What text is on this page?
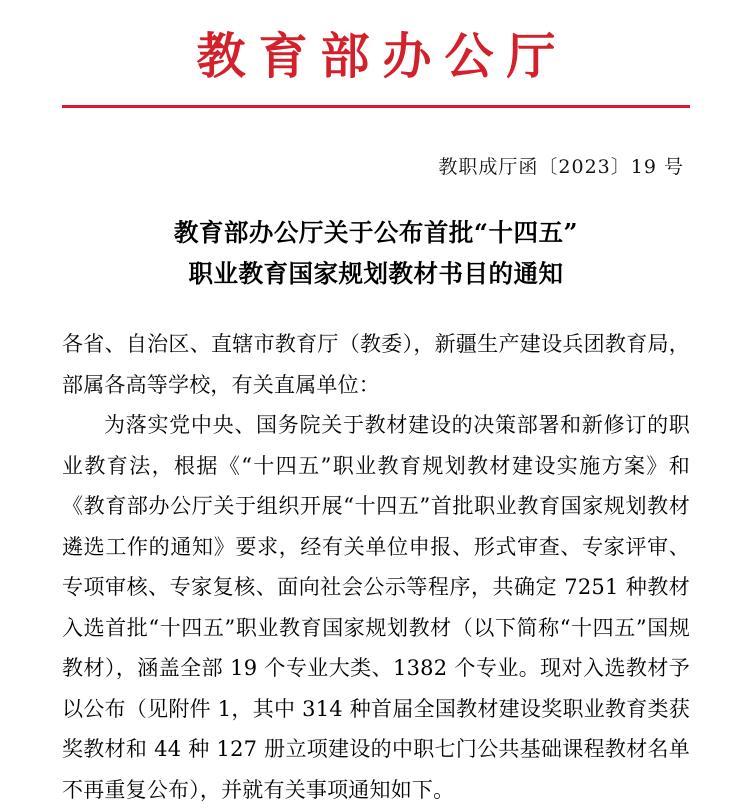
教育部办公厅
教职成厅函〔2023〕19 号
教育部办公厅关于公布首批“十四五”
职业教育国家规划教材书目的通知

各省、自治区、直辖市教育厅（教委），新疆生产建设兵团教育局，部属各高等学校，有关直属单位：

为落实党中央、国务院关于教材建设的决策部署和新修订的职业教育法，根据《“十四五”职业教育规划教材建设实施方案》和《教育部办公厅关于组织开展“十四五”首批职业教育国家规划教材遴选工作的通知》要求，经有关单位申报、形式审查、专家评审、专项审核、专家复核、面向社会公示等程序，共确定 7251 种教材入选首批“十四五”职业教育国家规划教材（以下简称“十四五”国规教材），涵盖全部 19 个专业大类、1382 个专业。现对入选教材予以公布（见附件 1，其中 314 种首届全国教材建设奖职业教育类获奖教材和 44 种 127 册立项建设的中职七门公共基础课程教材名单不再重复公布），并就有关事项通知如下。
